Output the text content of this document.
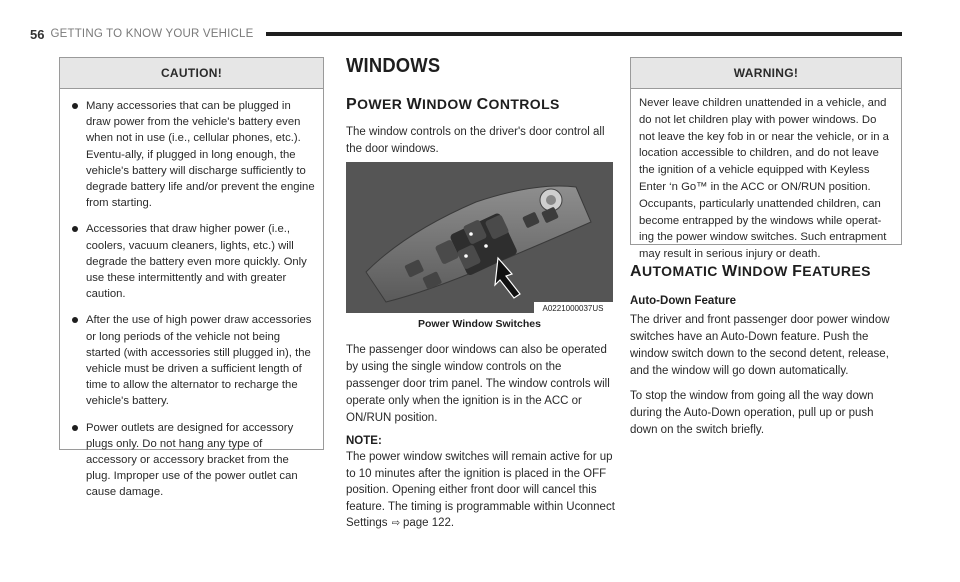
56 GETTING TO KNOW YOUR VEHICLE
CAUTION!
Many accessories that can be plugged in draw power from the vehicle's battery even when not in use (i.e., cellular phones, etc.). Eventu-ally, if plugged in long enough, the vehicle's battery will discharge sufficiently to degrade battery life and/or prevent the engine from starting.
Accessories that draw higher power (i.e., coolers, vacuum cleaners, lights, etc.) will degrade the battery even more quickly. Only use these intermittently and with greater caution.
After the use of high power draw accessories or long periods of the vehicle not being started (with accessories still plugged in), the vehicle must be driven a sufficient length of time to allow the alternator to recharge the vehicle's battery.
Power outlets are designed for accessory plugs only. Do not hang any type of accessory or accessory bracket from the plug. Improper use of the power outlet can cause damage.
WINDOWS
POWER WINDOW CONTROLS

The window controls on the driver's door control all the door windows.

A0221000037US
Power Window Switches

The passenger door windows can also be operated by using the single window controls on the passenger door trim panel. The window controls will operate only when the ignition is in the ACC or ON/RUN position.

NOTE:

The power window switches will remain active for up to 10 minutes after the ignition is placed in the OFF position. Opening either front door will cancel this feature. The timing is programmable within Uconnect Settings ⇨ page 122.

WARNING!
Never leave children unattended in a vehicle, and do not let children play with power windows. Do not leave the key fob in or near the vehicle, or in a location accessible to children, and do not leave the ignition of a vehicle equipped with Keyless Enter ‘n Go™ in the ACC or ON/RUN position. Occupants, particularly unattended children, can become entrapped by the windows while operat-ing the power window switches. Such entrapment may result in serious injury or death.
AUTOMATIC WINDOW FEATURES
Auto-Down Feature

The driver and front passenger door power window switches have an Auto-Down feature. Push the window switch down to the second detent, release, and the window will go down automatically.

To stop the window from going all the way down during the Auto-Down operation, pull up or push down on the switch briefly.
